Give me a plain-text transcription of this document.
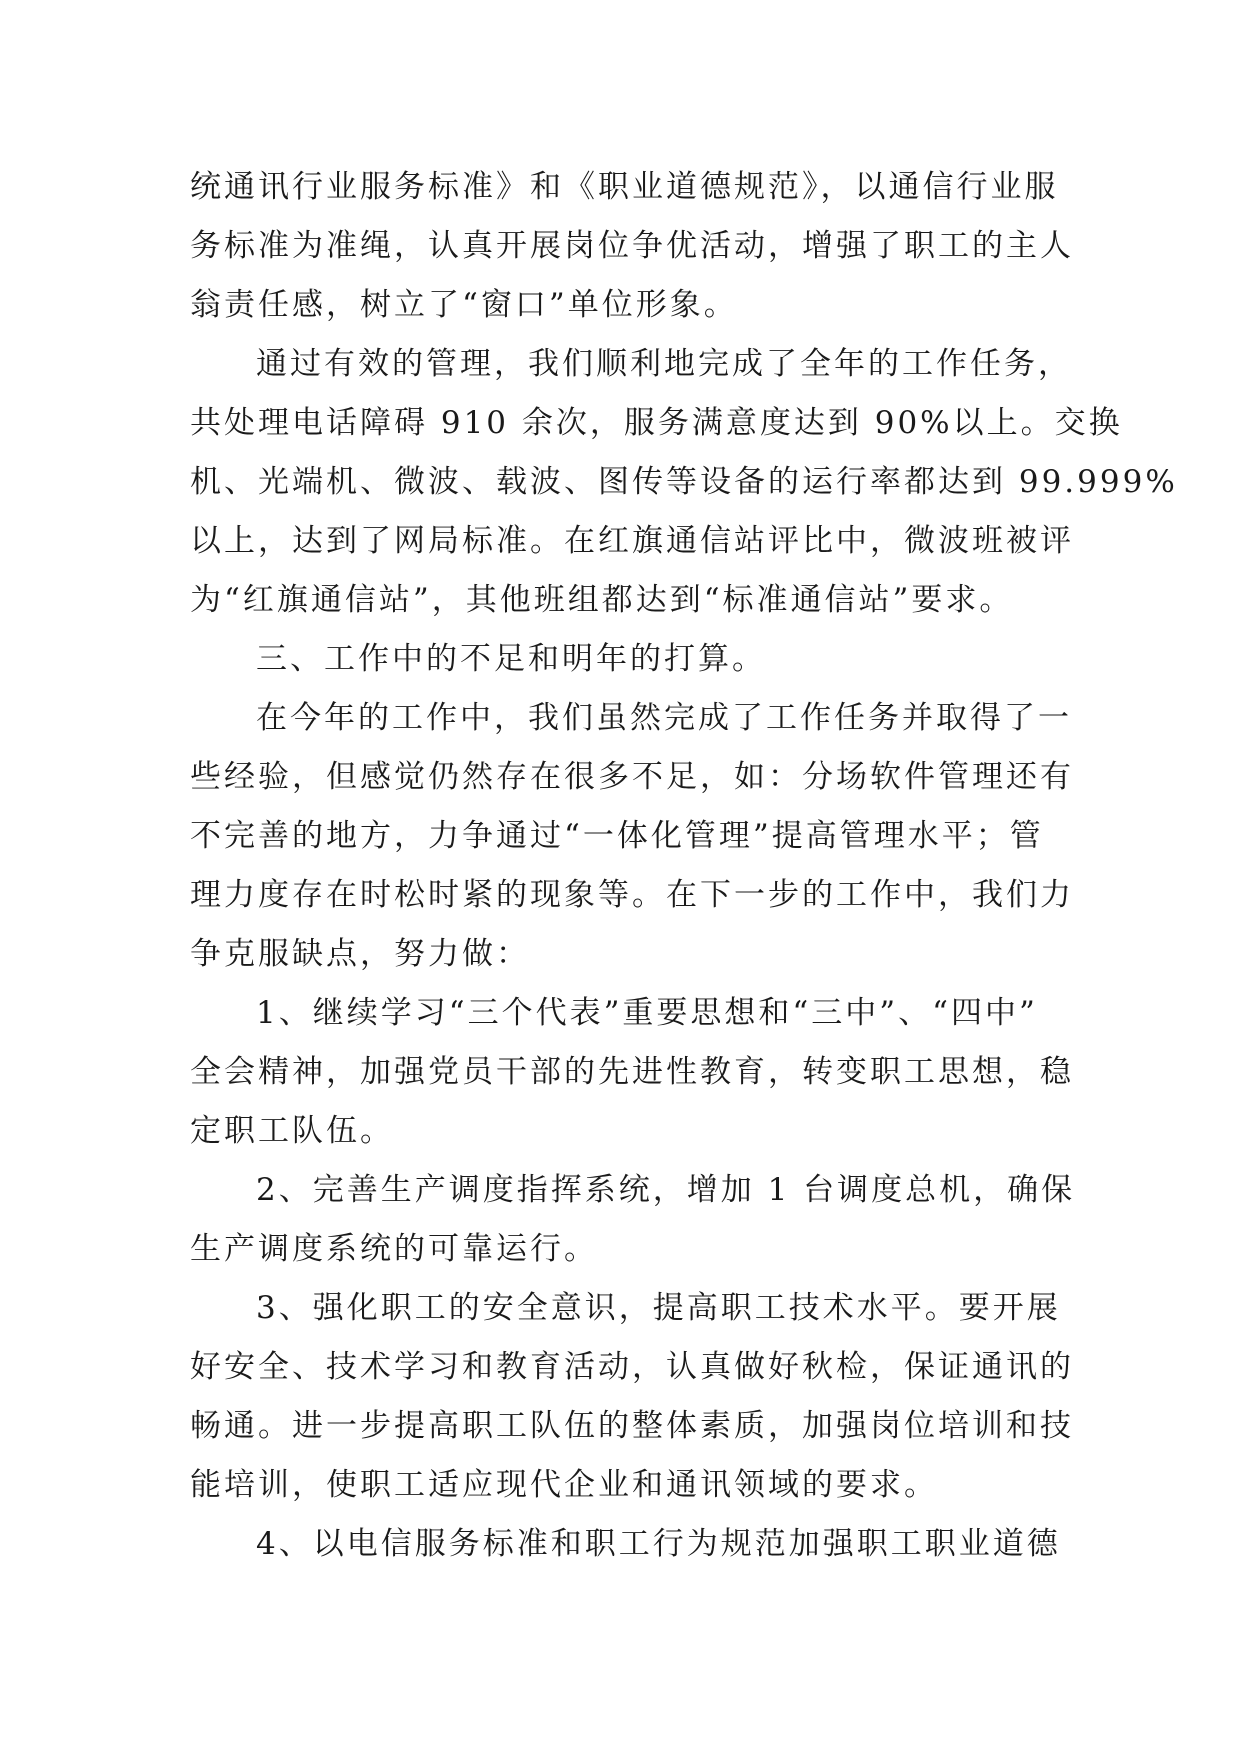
统通讯行业服务标准》和《职业道德规范》，以通信行业服
务标准为准绳，认真开展岗位争优活动，增强了职工的主人
翁责任感，树立了“窗口”单位形象。
通过有效的管理，我们顺利地完成了全年的工作任务，
共处理电话障碍 910 余次，服务满意度达到 90%以上。交换
机、光端机、微波、载波、图传等设备的运行率都达到 99.999%
以上，达到了网局标准。在红旗通信站评比中，微波班被评
为“红旗通信站”，其他班组都达到“标准通信站”要求。
三、工作中的不足和明年的打算。
在今年的工作中，我们虽然完成了工作任务并取得了一
些经验，但感觉仍然存在很多不足，如：分场软件管理还有
不完善的地方，力争通过“一体化管理”提高管理水平；管
理力度存在时松时紧的现象等。在下一步的工作中，我们力
争克服缺点，努力做：
1、继续学习“三个代表”重要思想和“三中”、“四中”
全会精神，加强党员干部的先进性教育，转变职工思想，稳
定职工队伍。
2、完善生产调度指挥系统，增加 1 台调度总机，确保
生产调度系统的可靠运行。
3、强化职工的安全意识，提高职工技术水平。要开展
好安全、技术学习和教育活动，认真做好秋检，保证通讯的
畅通。进一步提高职工队伍的整体素质，加强岗位培训和技
能培训，使职工适应现代企业和通讯领域的要求。
4、以电信服务标准和职工行为规范加强职工职业道德
